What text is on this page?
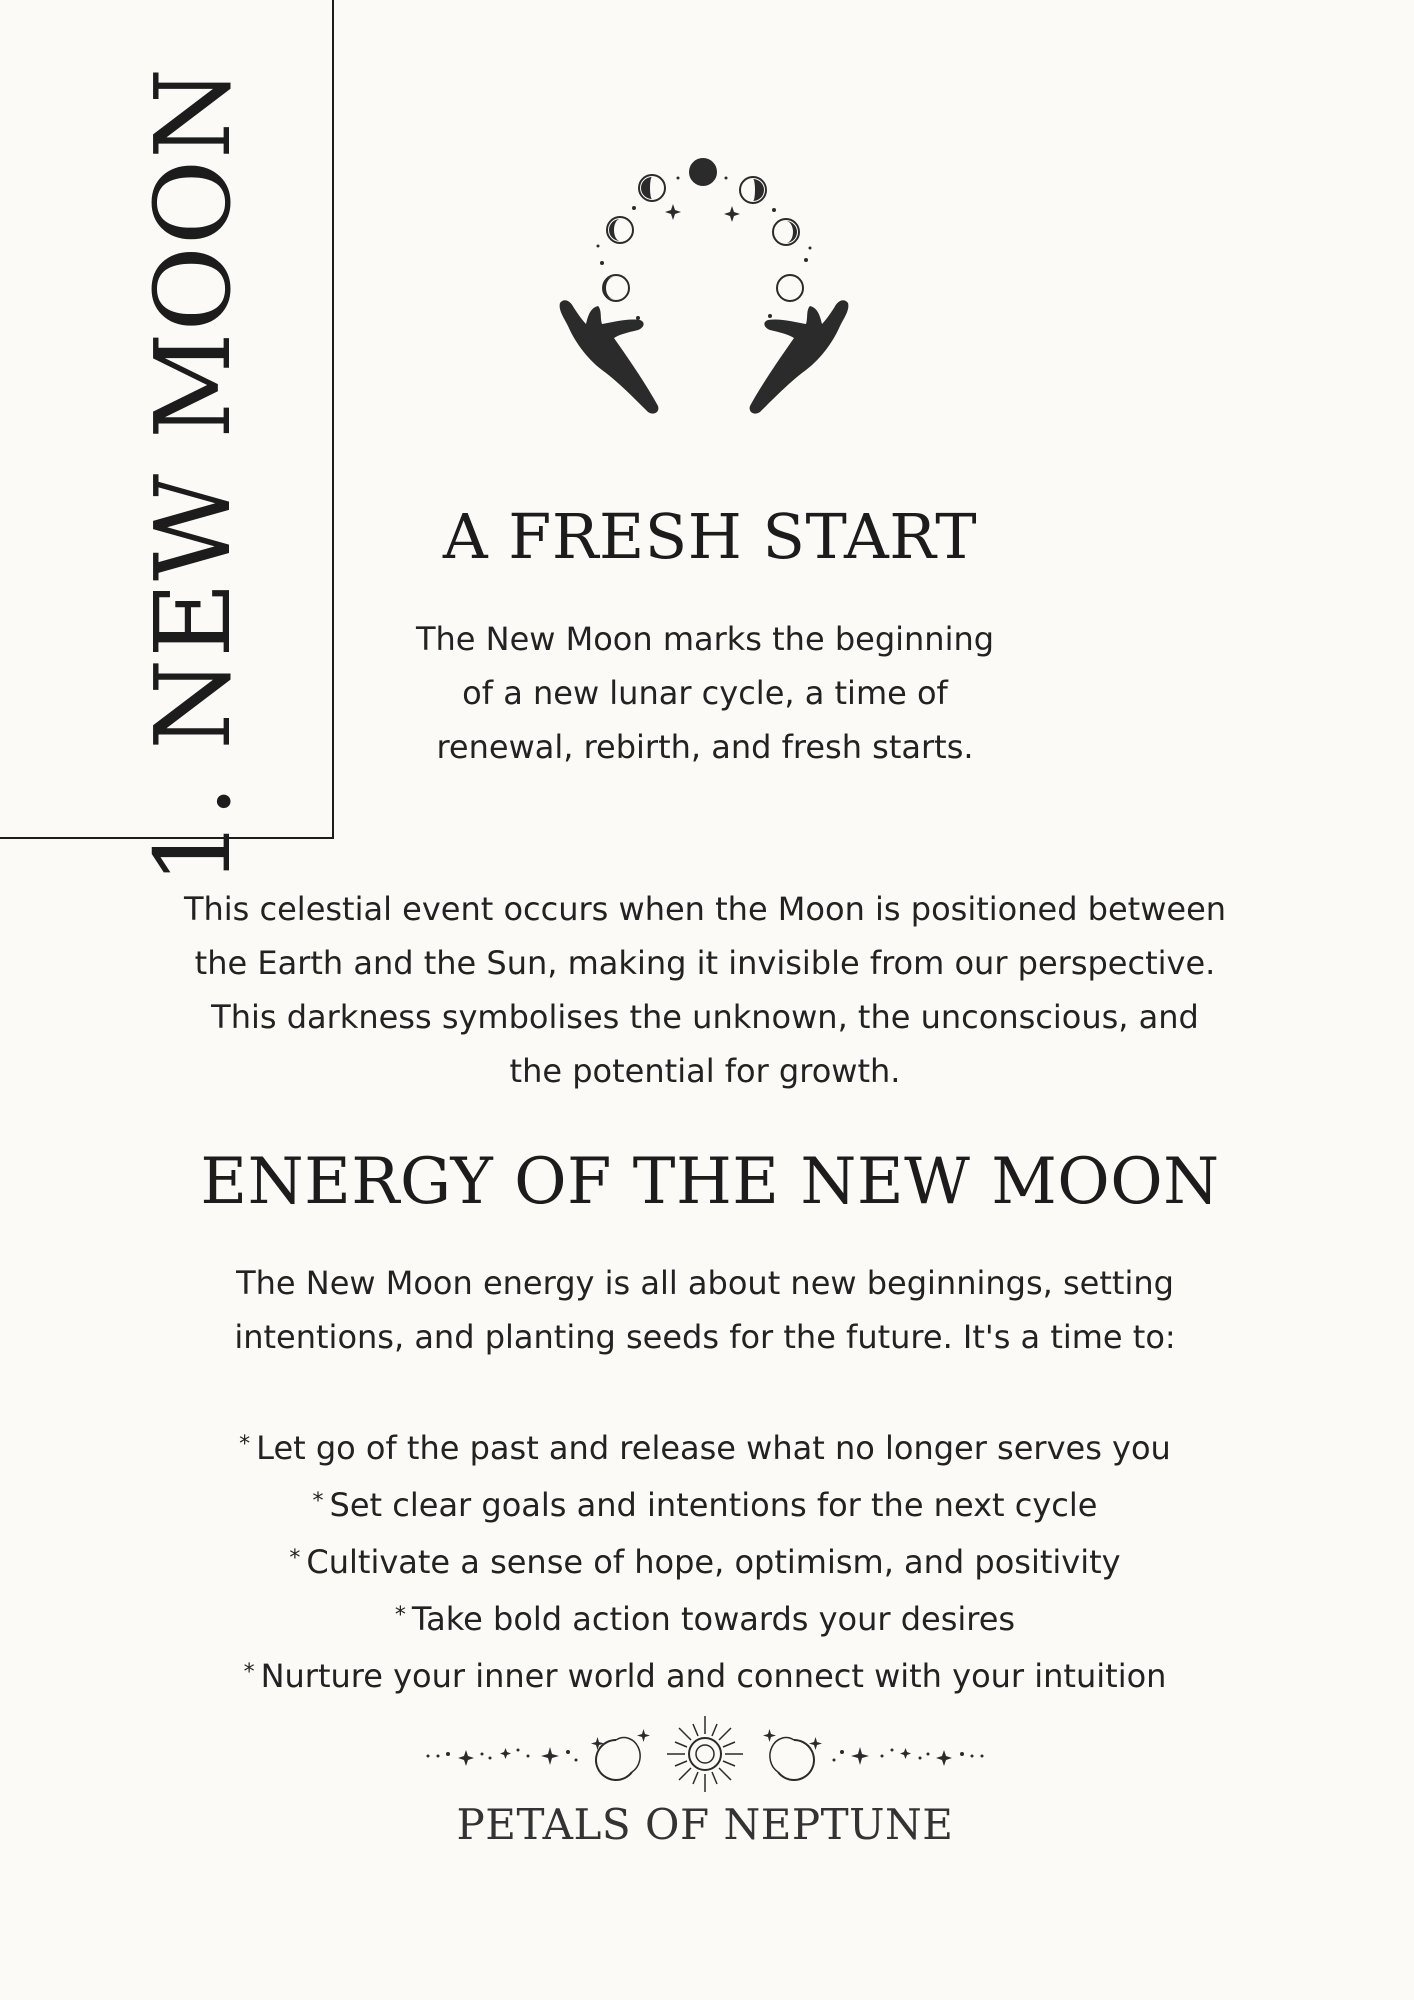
1. NEW MOON	A FRESH START

The New Moon marks the beginning of a new lunar cycle, a time of renewal, rebirth, and fresh starts.

This celestial event occurs when the Moon is positioned between the Earth and the Sun, making it invisible from our perspective. This darkness symbolises the unknown, the unconscious, and the potential for growth.

ENERGY OF THE NEW MOON

The New Moon energy is all about new beginnings, setting intentions, and planting seeds for the future. It's a time to:

* Let go of the past and release what no longer serves you
* Set clear goals and intentions for the next cycle
* Cultivate a sense of hope, optimism, and positivity
* Take bold action towards your desires
* Nurture your inner world and connect with your intuition

PETALS OF NEPTUNE
